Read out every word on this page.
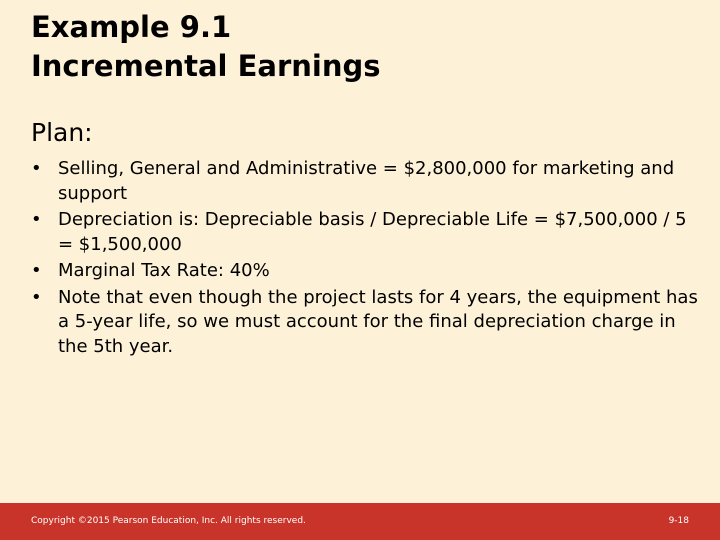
Example 9.1
Incremental Earnings
Plan:
• Selling, General and Administrative = $2,800,000 for marketing and support
• Depreciation is: Depreciable basis / Depreciable Life = $7,500,000 / 5 = $1,500,000
• Marginal Tax Rate: 40%
• Note that even though the project lasts for 4 years, the equipment has a 5-year life, so we must account for the final depreciation charge in the 5th year.
Copyright ©2015 Pearson Education, Inc. All rights reserved.	9-18
